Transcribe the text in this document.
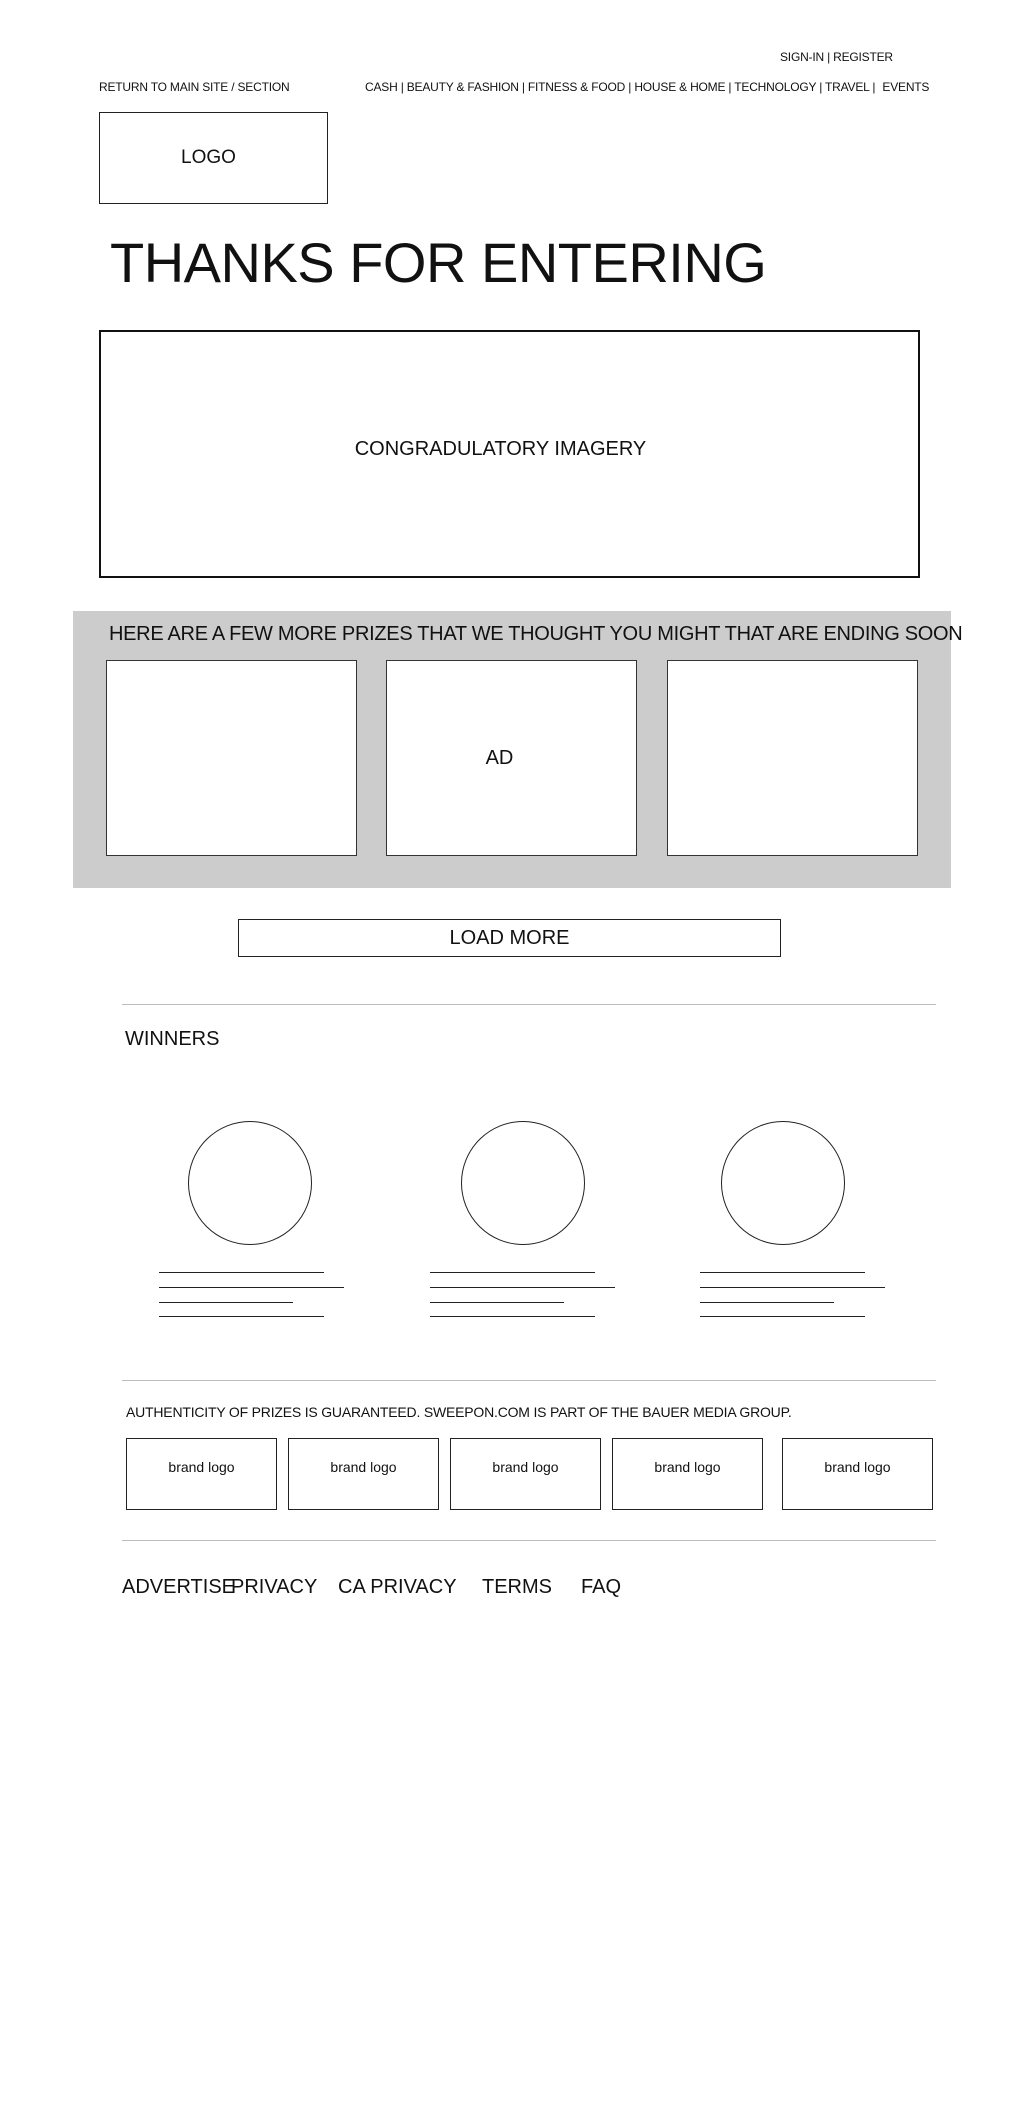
SIGN-IN | REGISTER
RETURN TO MAIN SITE / SECTION	CASH | BEAUTY & FASHION | FITNESS & FOOD | HOUSE & HOME | TECHNOLOGY | TRAVEL | EVENTS
LOGO
THANKS FOR ENTERING
CONGRADULATORY IMAGERY
HERE ARE A FEW MORE PRIZES THAT WE THOUGHT YOU MIGHT THAT ARE ENDING SOON
AD
LOAD MORE
WINNERS
AUTHENTICITY OF PRIZES IS GUARANTEED. SWEEPON.COM IS PART OF THE BAUER MEDIA GROUP.
brand logo	brand logo	brand logo	brand logo	brand logo
ADVERTISE
PRIVACY CA PRIVACY TERMS FAQ
